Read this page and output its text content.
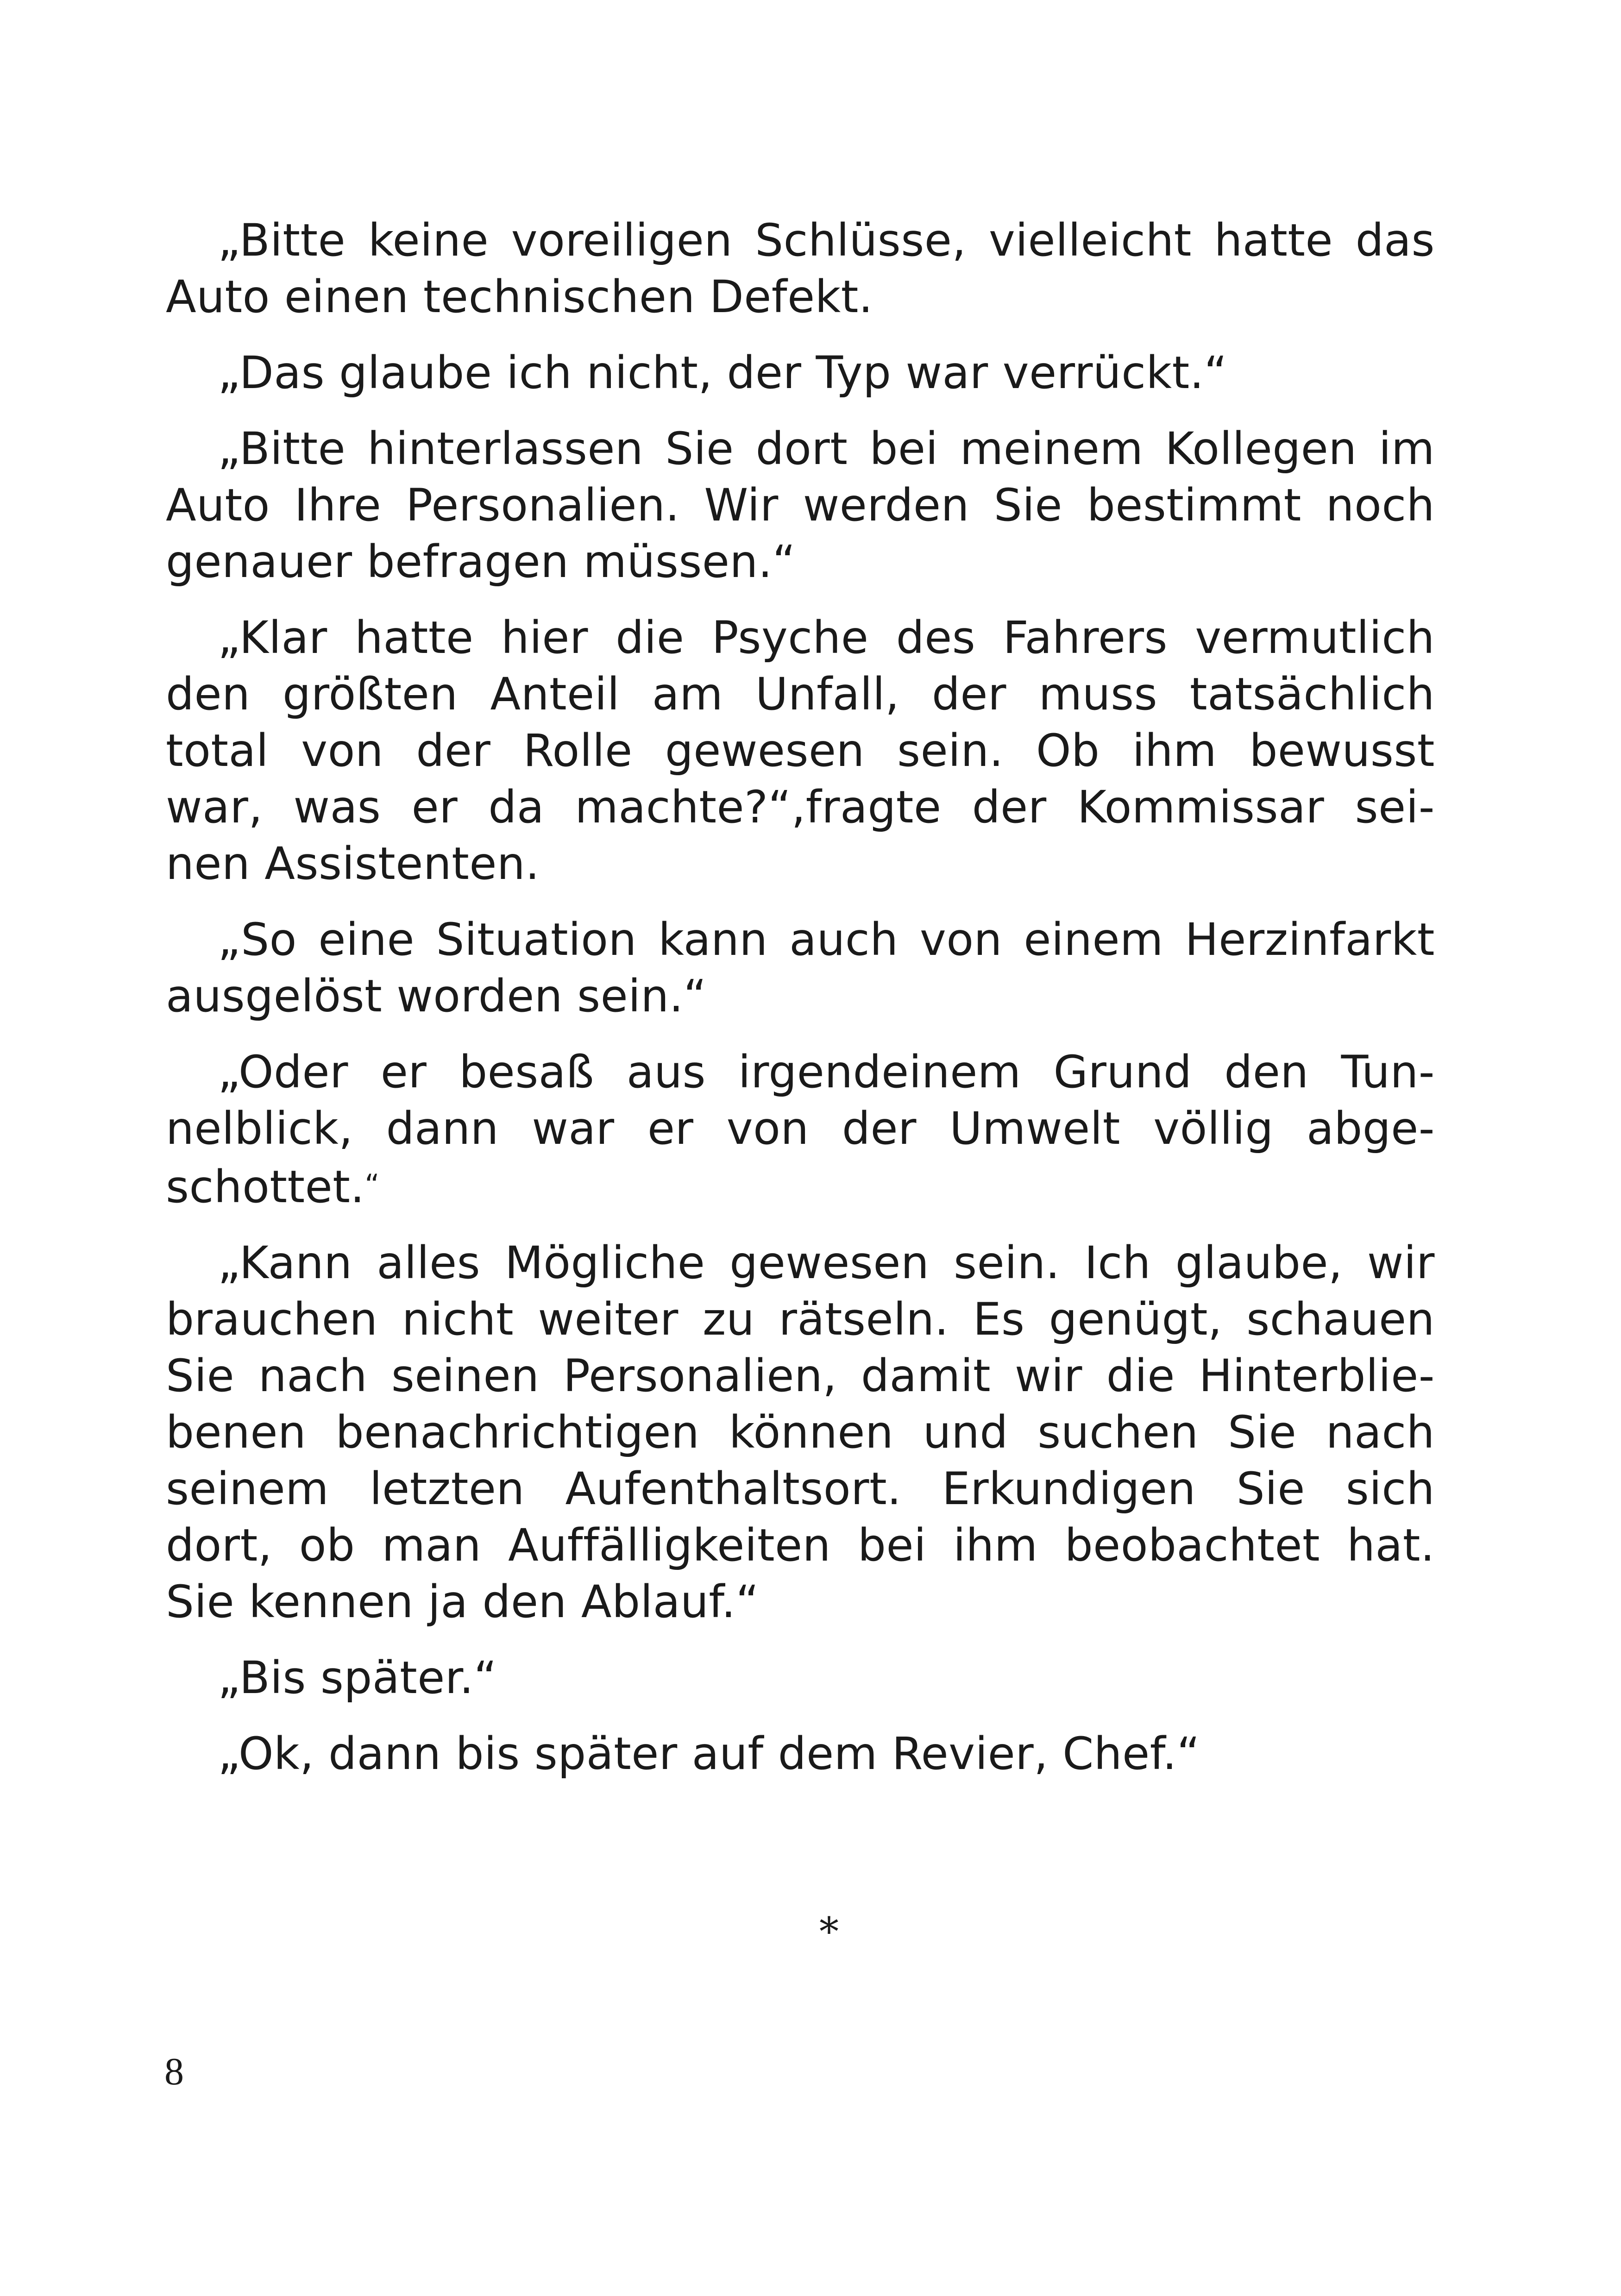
„Bitte keine voreiligen Schlüsse, vielleicht hatte das
Auto einen technischen Defekt.

„Das glaube ich nicht, der Typ war verrückt.“

„Bitte hinterlassen Sie dort bei meinem Kollegen im
Auto Ihre Personalien. Wir werden Sie bestimmt noch
genauer befragen müssen.“

„Klar hatte hier die Psyche des Fahrers vermutlich
den größten Anteil am Unfall, der muss tatsächlich
total von der Rolle gewesen sein. Ob ihm bewusst
war, was er da machte?“,fragte der Kommissar sei-
nen Assistenten.

„So eine Situation kann auch von einem Herzinfarkt
ausgelöst worden sein.“

„Oder er besaß aus irgendeinem Grund den Tun-
nelblick, dann war er von der Umwelt völlig abge-
schottet.“

„Kann alles Mögliche gewesen sein. Ich glaube, wir
brauchen nicht weiter zu rätseln. Es genügt, schauen
Sie nach seinen Personalien, damit wir die Hinterblie-
benen benachrichtigen können und suchen Sie nach
seinem letzten Aufenthaltsort. Erkundigen Sie sich
dort, ob man Auffälligkeiten bei ihm beobachtet hat.
Sie kennen ja den Ablauf.“

„Bis später.“

„Ok, dann bis später auf dem Revier, Chef.“

*
8
